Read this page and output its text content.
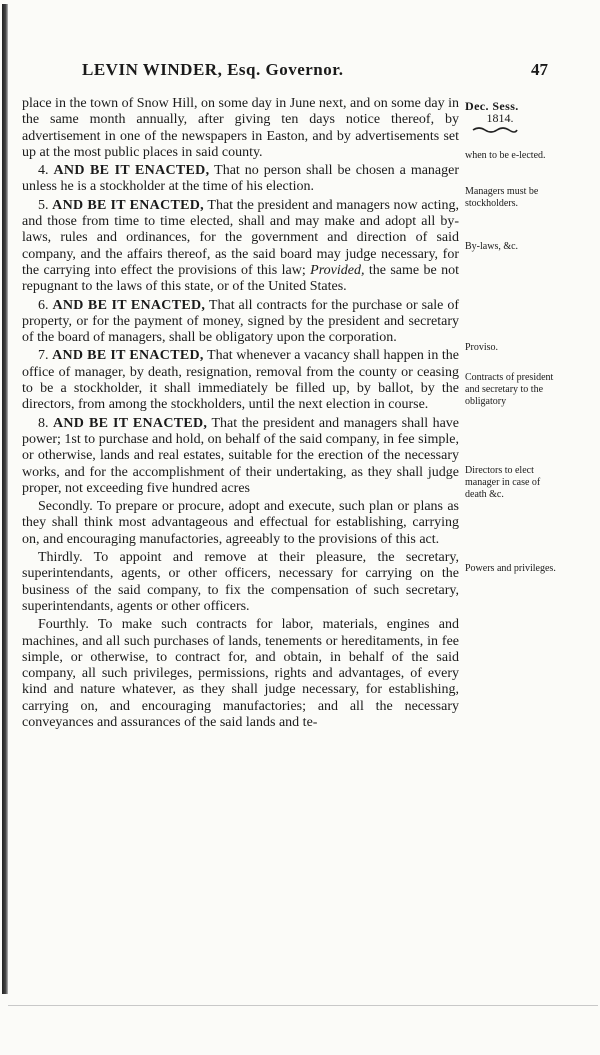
LEVIN WINDER, Esq. Governor.	47

place in the town of Snow Hill, on some day in June next, and on some day in the same month annually, after giving ten days notice thereof, by advertisement in one of the newspapers in Easton, and by advertisements set up at the most public places in said county.

4. AND BE IT ENACTED, That no person shall be chosen a manager unless he is a stockholder at the time of his election.

5. AND BE IT ENACTED, That the president and managers now acting, and those from time to time elected, shall and may make and adopt all by-laws, rules and ordinances, for the government and direction of said company, and the affairs thereof, as the said board may judge necessary, for the carrying into effect the provisions of this law; Provided, the same be not repugnant to the laws of this state, or of the United States.

6. AND BE IT ENACTED, That all contracts for the purchase or sale of property, or for the payment of money, signed by the president and secretary of the board of managers, shall be obligatory upon the corporation.

7. AND BE IT ENACTED, That whenever a vacancy shall happen in the office of manager, by death, resignation, removal from the county or ceasing to be a stockholder, it shall immediately be filled up, by ballot, by the directors, from among the stockholders, until the next election in course.

8. AND BE IT ENACTED, That the president and managers shall have power; 1st to purchase and hold, on behalf of the said company, in fee simple, or otherwise, lands and real estates, suitable for the erection of the necessary works, and for the accomplishment of their undertaking, as they shall judge proper, not exceeding five hundred acres

Secondly. To prepare or procure, adopt and execute, such plan or plans as they shall think most advantageous and effectual for establishing, carrying on, and encouraging manufactories, agreeably to the provisions of this act.

Thirdly. To appoint and remove at their pleasure, the secretary, superintendants, agents, or other officers, necessary for carrying on the business of the said company, to fix the compensation of such secretary, superintendants, agents or other officers.

Fourthly. To make such contracts for labor, materials, engines and machines, and all such purchases of lands, tenements or hereditaments, in fee simple, or otherwise, to contract for, and obtain, in behalf of the said company, all such privileges, permissions, rights and advantages, of every kind and nature whatever, as they shall judge necessary, for establishing, carrying on, and encouraging manufactories; and all the necessary conveyances and assurances of the said lands and te-

Dec. Sess.
1814.
when to be e-lected.
Managers must be stockholders.
By-laws, &c.
Proviso.
Contracts of president and secretary to the obligatory
Directors to elect manager in case of death &c.
Powers and privileges.
